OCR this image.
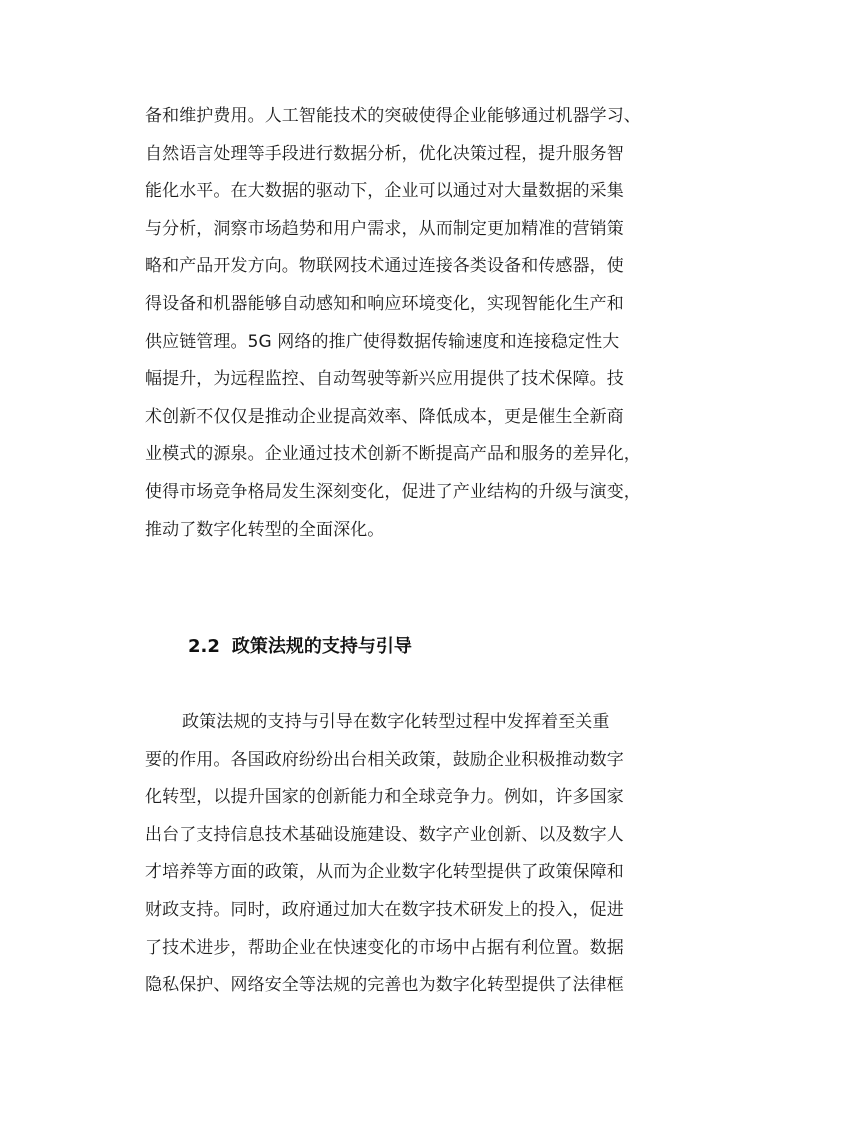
备和维护费用。人工智能技术的突破使得企业能够通过机器学习、
自然语言处理等手段进行数据分析，优化决策过程，提升服务智
能化水平。在大数据的驱动下，企业可以通过对大量数据的采集
与分析，洞察市场趋势和用户需求，从而制定更加精准的营销策
略和产品开发方向。物联网技术通过连接各类设备和传感器，使
得设备和机器能够自动感知和响应环境变化，实现智能化生产和
供应链管理。5G 网络的推广使得数据传输速度和连接稳定性大
幅提升，为远程监控、自动驾驶等新兴应用提供了技术保障。技
术创新不仅仅是推动企业提高效率、降低成本，更是催生全新商
业模式的源泉。企业通过技术创新不断提高产品和服务的差异化，
使得市场竞争格局发生深刻变化，促进了产业结构的升级与演变，
推动了数字化转型的全面深化。
2.2 政策法规的支持与引导
政策法规的支持与引导在数字化转型过程中发挥着至关重
要的作用。各国政府纷纷出台相关政策，鼓励企业积极推动数字
化转型，以提升国家的创新能力和全球竞争力。例如，许多国家
出台了支持信息技术基础设施建设、数字产业创新、以及数字人
才培养等方面的政策，从而为企业数字化转型提供了政策保障和
财政支持。同时，政府通过加大在数字技术研发上的投入，促进
了技术进步，帮助企业在快速变化的市场中占据有利位置。数据
隐私保护、网络安全等法规的完善也为数字化转型提供了法律框
